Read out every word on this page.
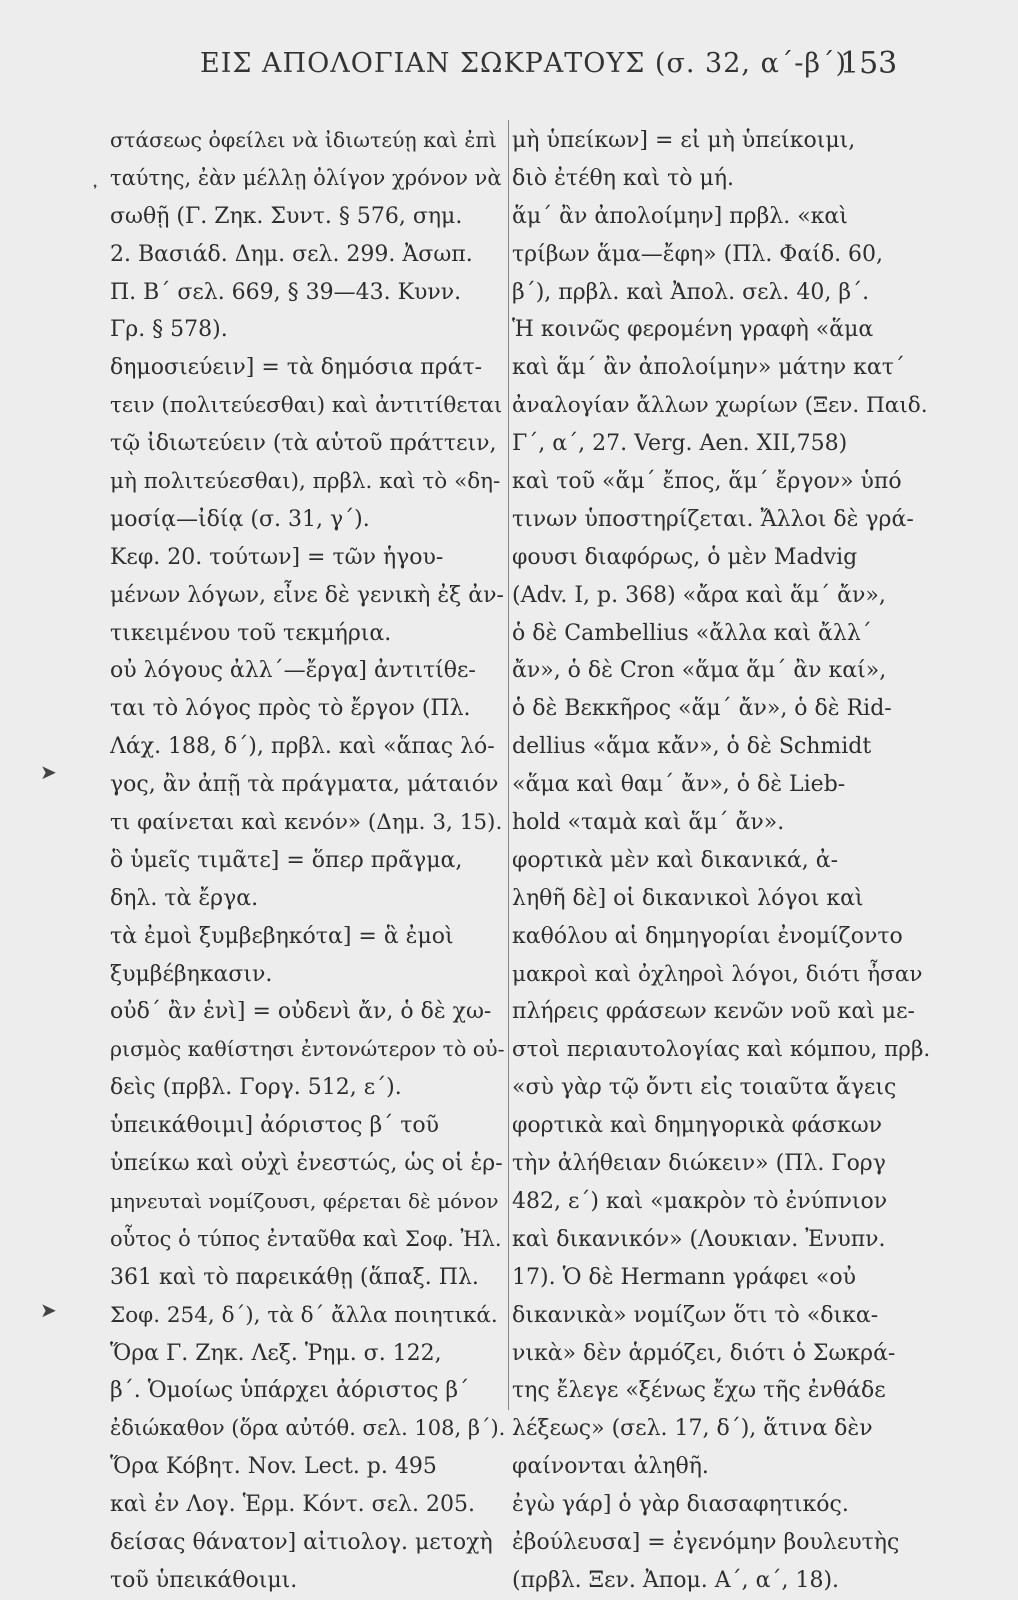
ΕΙΣ ΑΠΟΛΟΓΙΑΝ ΣΩΚΡΑΤΟΥΣ (σ. 32, α΄-β΄)
153
στάσεως ὀφείλει νὰ ἰδιωτεύῃ καὶ ἐπὶ
ταύτης, ἐὰν μέλλῃ ὀλίγον χρόνον νὰ
σωθῇ (Γ. Ζηκ. Συντ. § 576, σημ.
2. Βασιάδ. Δημ. σελ. 299. Ἀσωπ.
Π. Β΄ σελ. 669, § 39—43. Κυνν.
Γρ. § 578).
δημοσιεύειν] = τὰ δημόσια πράτ-
τειν (πολιτεύεσθαι) καὶ ἀντιτίθεται
τῷ ἰδιωτεύειν (τὰ αὑτοῦ πράττειν,
μὴ πολιτεύεσθαι), πρβλ. καὶ τὸ «δη-
μοσίᾳ—ἰδίᾳ (σ. 31, γ΄).
Κεφ. 20. τούτων] = τῶν ἡγου-
μένων λόγων, εἶνε δὲ γενικὴ ἐξ ἀν-
τικειμένου τοῦ τεκμήρια.
οὐ λόγους ἀλλ΄—ἔργα] ἀντιτίθε-
ται τὸ λόγος πρὸς τὸ ἔργον (Πλ.
Λάχ. 188, δ΄), πρβλ. καὶ «ἅπας λό-
γος, ἂν ἀπῇ τὰ πράγματα, μάταιόν
τι φαίνεται καὶ κενόν» (Δημ. 3, 15).
ὃ ὑμεῖς τιμᾶτε] = ὅπερ πρᾶγμα,
δηλ. τὰ ἔργα.
τὰ ἐμοὶ ξυμβεβηκότα] = ἃ ἐμοὶ
ξυμβέβηκασιν.
οὐδ΄ ἂν ἑνὶ] = οὐδενὶ ἄν, ὁ δὲ χω-
ρισμὸς καθίστησι ἐντονώτερον τὸ οὐ-
δεὶς (πρβλ. Γοργ. 512, ε΄).
ὑπεικάθοιμι] ἀόριστος β΄ τοῦ
ὑπείκω καὶ οὐχὶ ἐνεστώς, ὡς οἱ ἑρ-
μηνευταὶ νομίζουσι, φέρεται δὲ μόνον
οὗτος ὁ τύπος ἐνταῦθα καὶ Σοφ. Ἠλ.
361 καὶ τὸ παρεικάθῃ (ἅπαξ. Πλ.
Σοφ. 254, δ΄), τὰ δ΄ ἄλλα ποιητικά.
Ὅρα Γ. Ζηκ. Λεξ. Ῥημ. σ. 122,
β΄. Ὁμοίως ὑπάρχει ἀόριστος β΄
ἐδιώκαθον (ὅρα αὐτόθ. σελ. 108, β΄).
Ὅρα Κόβητ. Nov. Lect. p. 495
καὶ ἐν Λογ. Ἑρμ. Κόντ. σελ. 205.
δείσας θάνατον] αἰτιολογ. μετοχὴ
τοῦ ὑπεικάθοιμι.
μὴ ὑπείκων] = εἰ μὴ ὑπείκοιμι,
διὸ ἐτέθη καὶ τὸ μή.
ἅμ΄ ἂν ἀπολοίμην] πρβλ. «καὶ
τρίβων ἅμα—ἔφη» (Πλ. Φαίδ. 60,
β΄), πρβλ. καὶ Ἀπολ. σελ. 40, β΄.
Ἡ κοινῶς φερομένη γραφὴ «ἅμα
καὶ ἅμ΄ ἂν ἀπολοίμην» μάτην κατ΄
ἀναλογίαν ἄλλων χωρίων (Ξεν. Παιδ.
Γ΄, α΄, 27. Verg. Aen. XII,758)
καὶ τοῦ «ἅμ΄ ἔπος, ἅμ΄ ἔργον» ὑπό
τινων ὑποστηρίζεται. Ἄλλοι δὲ γρά-
φουσι διαφόρως, ὁ μὲν Madvig
(Adv. I, p. 368) «ἄρα καὶ ἅμ΄ ἄν»,
ὁ δὲ Cambellius «ἄλλα καὶ ἄλλ΄
ἄν», ὁ δὲ Cron «ἅμα ἅμ΄ ἂν καί»,
ὁ δὲ Βεκκῆρος «ἅμ΄ ἄν», ὁ δὲ Rid-
dellius «ἅμα κἄν», ὁ δὲ Schmidt
«ἅμα καὶ θαμ΄ ἄν», ὁ δὲ Lieb-
hold «ταμὰ καὶ ἅμ΄ ἄν».
φορτικὰ μὲν καὶ δικανικά, ἀ-
ληθῆ δὲ] οἱ δικανικοὶ λόγοι καὶ
καθόλου αἱ δημηγορίαι ἐνομίζοντο
μακροὶ καὶ ὀχληροὶ λόγοι, διότι ἦσαν
πλήρεις φράσεων κενῶν νοῦ καὶ με-
στοὶ περιαυτολογίας καὶ κόμπου, πρβ.
«σὺ γὰρ τῷ ὄντι εἰς τοιαῦτα ἄγεις
φορτικὰ καὶ δημηγορικὰ φάσκων
τὴν ἀλήθειαν διώκειν» (Πλ. Γοργ
482, ε΄) καὶ «μακρὸν τὸ ἐνύπνιον
καὶ δικανικόν» (Λουκιαν. Ἐνυπν.
17). Ὁ δὲ Hermann γράφει «οὐ
δικανικὰ» νομίζων ὅτι τὸ «δικα-
νικὰ» δὲν ἁρμόζει, διότι ὁ Σωκρά-
της ἔλεγε «ξένως ἔχω τῆς ἐνθάδε
λέξεως» (σελ. 17, δ΄), ἅτινα δὲν
φαίνονται ἀληθῆ.
ἐγὼ γάρ] ὁ γὰρ διασαφητικός.
ἐβούλευσα] = ἐγενόμην βουλευτὴς
(πρβλ. Ξεν. Ἀπομ. Α΄, α΄, 18).
᾽
➤
➤
